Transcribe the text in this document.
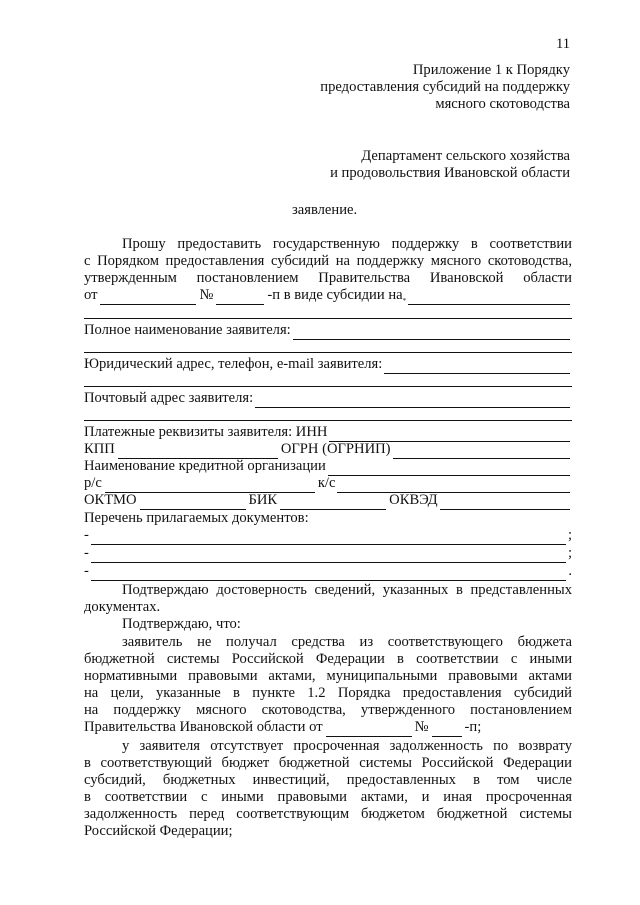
11
Приложение 1 к Порядку
предоставления субсидий на поддержку
мясного скотоводства
Департамент сельского хозяйства
и продовольствия Ивановской области
заявление.
Прошу предоставить государственную поддержку в соответствии
с Порядком предоставления субсидий на поддержку мясного скотоводства,
утвержденным постановлением Правительства Ивановской области
от	№	-п в виде субсидии на *
Полное наименование заявителя:
Юридический адрес, телефон, e-mail заявителя:
Почтовый адрес заявителя:
Платежные реквизиты заявителя: ИНН
КПП	ОГРН (ОГРНИП)
Наименование кредитной организации
р/с	к/с
ОКТМО	БИК	ОКВЭД
Перечень прилагаемых документов:
-	;
-	;
-	.
Подтверждаю достоверность сведений, указанных в представленных
документах.
Подтверждаю, что:
заявитель не получал средства из соответствующего бюджета
бюджетной системы Российской Федерации в соответствии с иными
нормативными правовыми актами, муниципальными правовыми актами
на цели, указанные в пункте 1.2 Порядка предоставления субсидий
на поддержку мясного скотоводства, утвержденного постановлением
Правительства Ивановской области от	№ -п;
у заявителя отсутствует просроченная задолженность по возврату
в соответствующий бюджет бюджетной системы Российской Федерации
субсидий, бюджетных инвестиций, предоставленных в том числе
в соответствии с иными правовыми актами, и иная просроченная
задолженность перед соответствующим бюджетом бюджетной системы
Российской Федерации;
